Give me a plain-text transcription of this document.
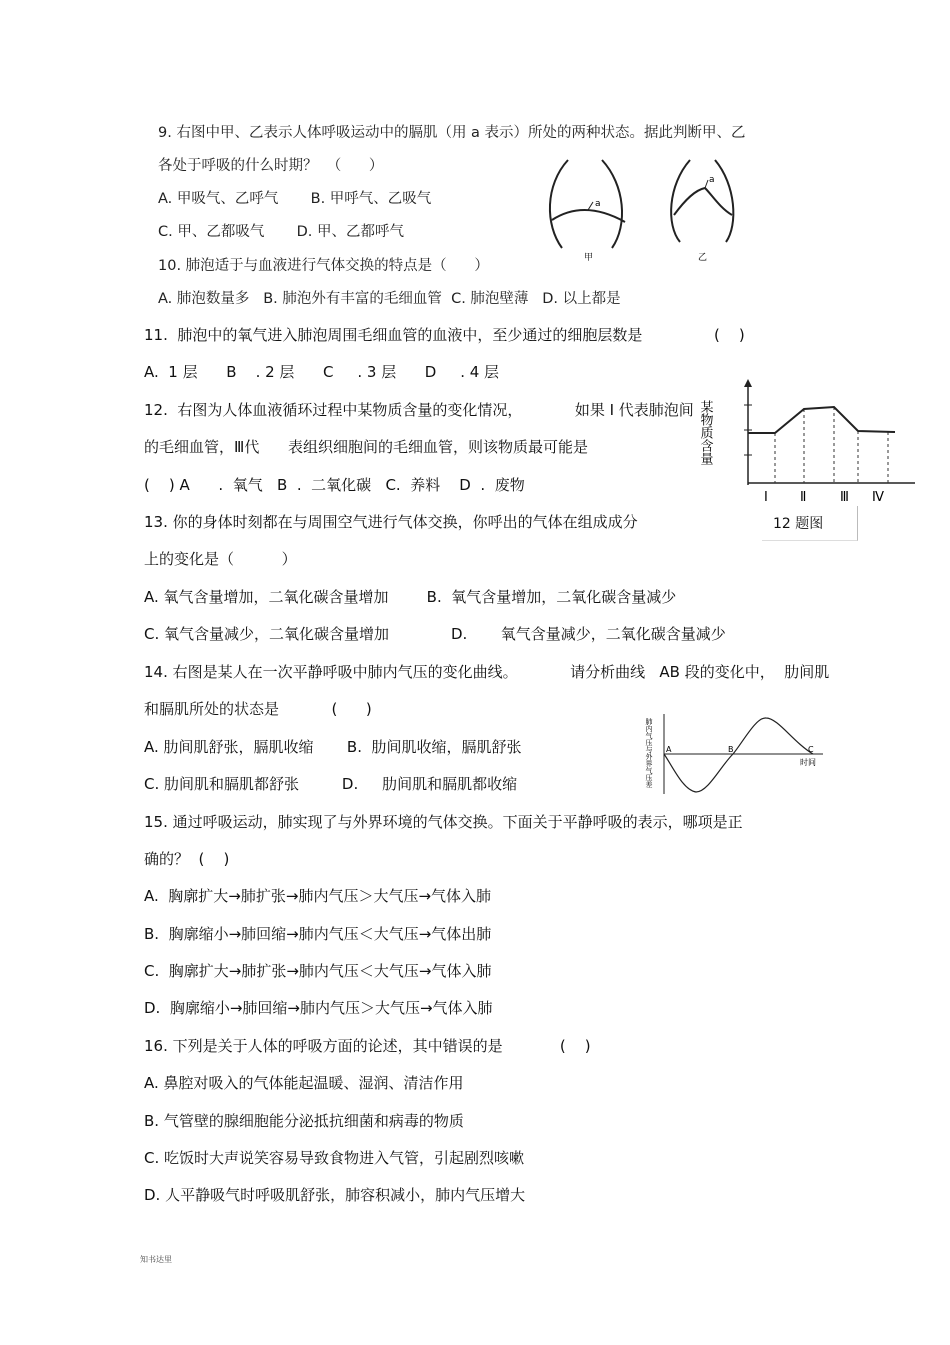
9. 右图中甲、乙表示人体呼吸运动中的膈肌（用 a 表示）所处的两种状态。据此判断甲、乙
各处于呼吸的什么时期？  （      ）
A. 甲吸气、乙呼气       B. 甲呼气、乙吸气
C. 甲、乙都吸气       D. 甲、乙都呼气
a
甲
a
乙
10. 肺泡适于与血液进行气体交换的特点是（      ）
A. 肺泡数量多   B. 肺泡外有丰富的毛细血管  C. 肺泡壁薄   D. 以上都是
11.  肺泡中的氧气进入肺泡周围毛细血管的血液中，至少通过的细胞层数是	(    )
A.  1 层      B    . 2 层      C     . 3 层      D     . 4 层
12.  右图为人体血液循环过程中某物质含量的变化情况，           如果 Ⅰ 代表肺泡间
的毛细血管，Ⅲ代      表组织细胞间的毛细血管，则该物质最可能是
(    ) A      .  氧气   B  .  二氧化碳   C.  养料    D  .  废物
某物质含量
Ⅰ Ⅱ	Ⅲ Ⅳ
12 题图
13. 你的身体时刻都在与周围空气进行气体交换，你呼出的气体在组成成分
上的变化是（          ）
A. 氧气含量增加，二氧化碳含量增加        B.  氧气含量增加，二氧化碳含量减少
C. 氧气含量减少，二氧化碳含量增加             D.       氧气含量减少，二氧化碳含量减少
14. 右图是某人在一次平静呼吸中肺内气压的变化曲线。           请分析曲线   AB 段的变化中，  肋间肌
和膈肌所处的状态是           (      )
A. 肋间肌舒张，膈肌收缩       B.  肋间肌收缩，膈肌舒张
C. 肋间肌和膈肌都舒张         D.     肋间肌和膈肌都收缩	肺内气压与外界气压差 A	B	C
时间
15. 通过呼吸运动，肺实现了与外界环境的气体交换。下面关于平静呼吸的表示，哪项是正
确的？  (    )
A.  胸廓扩大→肺扩张→肺内气压＞大气压→气体入肺
B.  胸廓缩小→肺回缩→肺内气压＜大气压→气体出肺
C.  胸廓扩大→肺扩张→肺内气压＜大气压→气体入肺
D.  胸廓缩小→肺回缩→肺内气压＞大气压→气体入肺
16. 下列是关于人体的呼吸方面的论述，其中错误的是            (    )
A. 鼻腔对吸入的气体能起温暖、湿润、清洁作用
B. 气管壁的腺细胞能分泌抵抗细菌和病毒的物质
C. 吃饭时大声说笑容易导致食物进入气管，引起剧烈咳嗽
D. 人平静吸气时呼吸肌舒张，肺容积减小，肺内气压增大
知书达里
